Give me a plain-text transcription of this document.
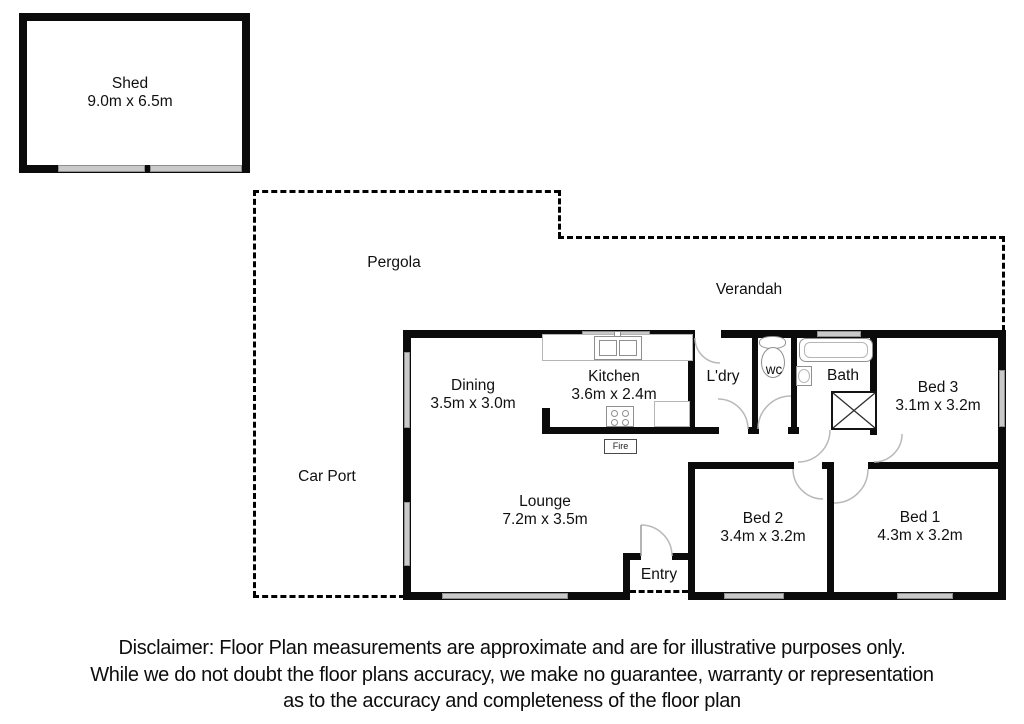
Shed
9.0m x 6.5m
Pergola
Verandah
Car Port
Fire
Dining
3.5m x 3.0m
Kitchen
3.6m x 2.4m
L'dry wc	Bath
Bed 3
3.1m x 3.2m
Lounge
7.2m x 3.5m
Entry
Bed 2
3.4m x 3.2m
Bed 1
4.3m x 3.2m
Disclaimer: Floor Plan measurements are approximate and are for illustrative purposes only.
While we do not doubt the floor plans accuracy, we make no guarantee, warranty or representation
as to the accuracy and completeness of the floor plan
